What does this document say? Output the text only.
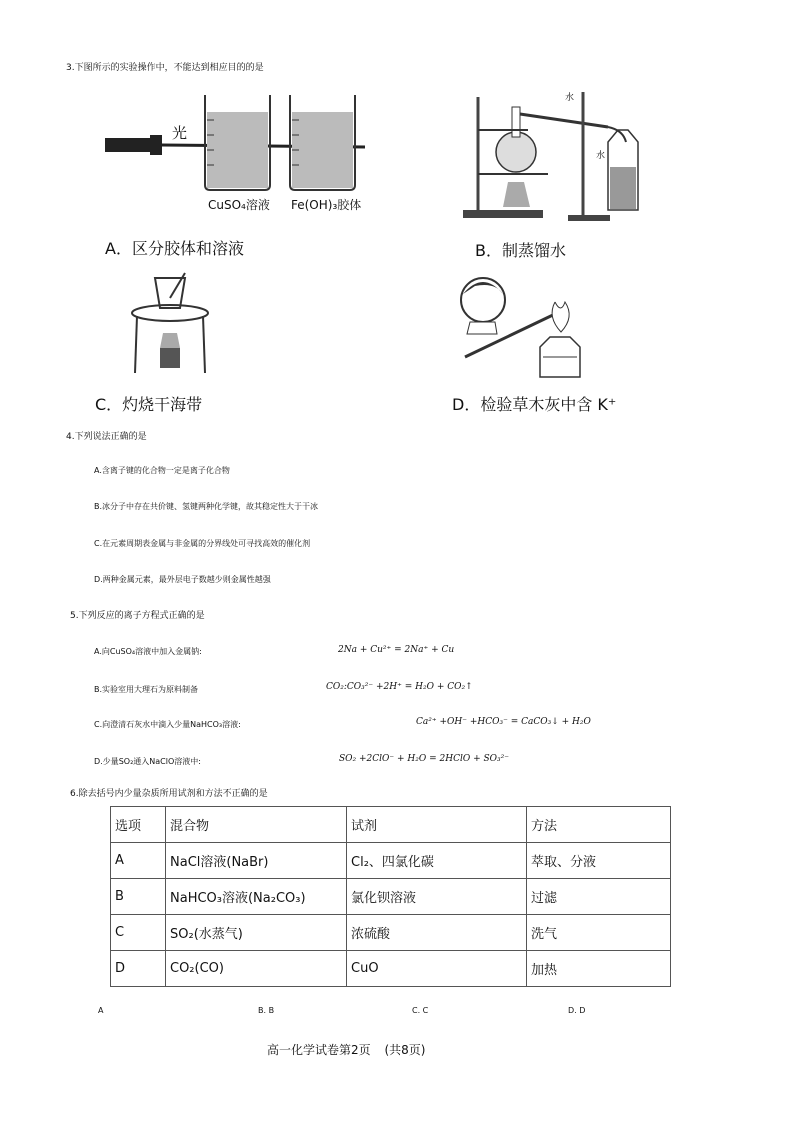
3.下图所示的实验操作中，不能达到相应目的的是
光
CuSO₄溶液 Fe(OH)₃胶体
A．区分胶体和溶液
水
水
B．制蒸馏水
C．灼烧干海带	D．检验草木灰中含 K⁺
4.下列说法正确的是
A.含离子键的化合物一定是离子化合物
B.冰分子中存在共价键、氢键两种化学键，故其稳定性大于干冰
C.在元素周期表金属与非金属的分界线处可寻找高效的催化剂
D.两种金属元素，最外层电子数越少则金属性越强
5.下列反应的离子方程式正确的是
A.向CuSO₄溶液中加入金属钠:	2Na + Cu²⁺ = 2Na⁺ + Cu
B.实验室用大理石为原料制备	CO₂:CO₃²⁻ +2H⁺ = H₂O + CO₂↑
C.向澄清石灰水中滴入少量NaHCO₃溶液:	Ca²⁺ +OH⁻ +HCO₃⁻ = CaCO₃↓ + H₂O
D.少量SO₂通入NaClO溶液中:	SO₂ +2ClO⁻ + H₂O = 2HClO + SO₃²⁻
6.除去括号内少量杂质所用试剂和方法不正确的是
选项	混合物	试剂	方法
A	NaCl溶液(NaBr)	Cl₂、四氯化碳	萃取、分液
B	NaHCO₃溶液(Na₂CO₃)	氯化钡溶液	过滤
C	SO₂(水蒸气)	浓硫酸	洗气
D	CO₂(CO)	CuO	加热
A	B. B	C. C	D. D
高一化学试卷第2页 (共8页)
